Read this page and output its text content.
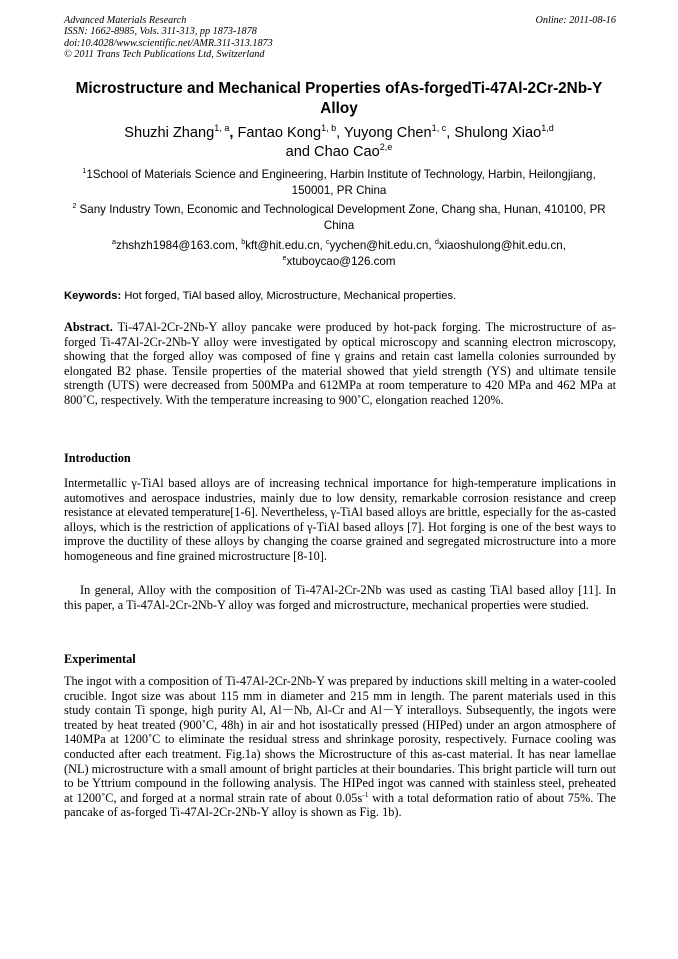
Advanced Materials Research
ISSN: 1662-8985, Vols. 311-313, pp 1873-1878
doi:10.4028/www.scientific.net/AMR.311-313.1873
© 2011 Trans Tech Publications Ltd, Switzerland
Online: 2011-08-16
Microstructure and Mechanical Properties ofAs-forgedTi-47Al-2Cr-2Nb-Y Alloy
Shuzhi Zhang$^{1, a}$, Fantao Kong$^{1, b}$, Yuyong Chen$^{1, c}$, Shulong Xiao$^{1,d}$
and Chao Cao$^{2,e}$
$^1$1School of Materials Science and Engineering, Harbin Institute of Technology, Harbin, Heilongjiang, 150001, PR China
$^2$ Sany Industry Town, Economic and Technological Development Zone, Chang sha, Hunan, 410100, PR China
$^a$zhshzh1984@163.com, $^b$kft@hit.edu.cn, $^c$yychen@hit.edu.cn, $^d$xiaoshulong@hit.edu.cn,
$^e$xtuboycao@126.com
Keywords: Hot forged, TiAl based alloy, Microstructure, Mechanical properties.

Abstract. Ti-47Al-2Cr-2Nb-Y alloy pancake were produced by hot-pack forging. The microstructure of as-forged Ti-47Al-2Cr-2Nb-Y alloy were investigated by optical microscopy and scanning electron microscopy, showing that the forged alloy was composed of fine γ grains and retain cast lamella colonies surrounded by elongated B2 phase. Tensile properties of the material showed that yield strength (YS) and ultimate tensile strength (UTS) were decreased from 500MPa and 612MPa at room temperature to 420 MPa and 462 MPa at 800˚C, respectively. With the temperature increasing to 900˚C, elongation reached 120%.

Introduction

Intermetallic γ-TiAl based alloys are of increasing technical importance for high-temperature implications in automotives and aerospace industries, mainly due to low density, remarkable corrosion resistance and creep resistance at elevated temperature[1-6]. Nevertheless, γ-TiAl based alloys are brittle, especially for the as-casted alloys, which is the restriction of applications of γ-TiAl based alloys [7]. Hot forging is one of the best ways to improve the ductility of these alloys by changing the coarse grained and segregated microstructure into a more homogeneous and fine grained microstructure [8-10].

In general, Alloy with the composition of Ti-47Al-2Cr-2Nb was used as casting TiAl based alloy [11]. In this paper, a Ti-47Al-2Cr-2Nb-Y alloy was forged and microstructure, mechanical properties were studied.

Experimental

The ingot with a composition of Ti-47Al-2Cr-2Nb-Y was prepared by inductions skill melting in a water-cooled crucible. Ingot size was about 115 mm in diameter and 215 mm in length. The parent materials used in this study contain Ti sponge, high purity Al, Al－Nb, Al-Cr and Al－Y interalloys. Subsequently, the ingots were treated by heat treated (900˚C, 48h) in air and hot isostatically pressed (HIPed) under an argon atmosphere of 140MPa at 1200˚C to eliminate the residual stress and shrinkage porosity, respectively. Furnace cooling was conducted after each treatment. Fig.1a) shows the Microstructure of this as-cast material. It has near lamellae (NL) microstructure with a small amount of bright particles at their boundaries. This bright particle will turn out to be Yttrium compound in the following analysis. The HIPed ingot was canned with stainless steel, preheated at 1200˚C, and forged at a normal strain rate of about $0.05s^{-1}$ with a total deformation ratio of about 75%. The pancake of as-forged Ti-47Al-2Cr-2Nb-Y alloy is shown as Fig. 1b).
